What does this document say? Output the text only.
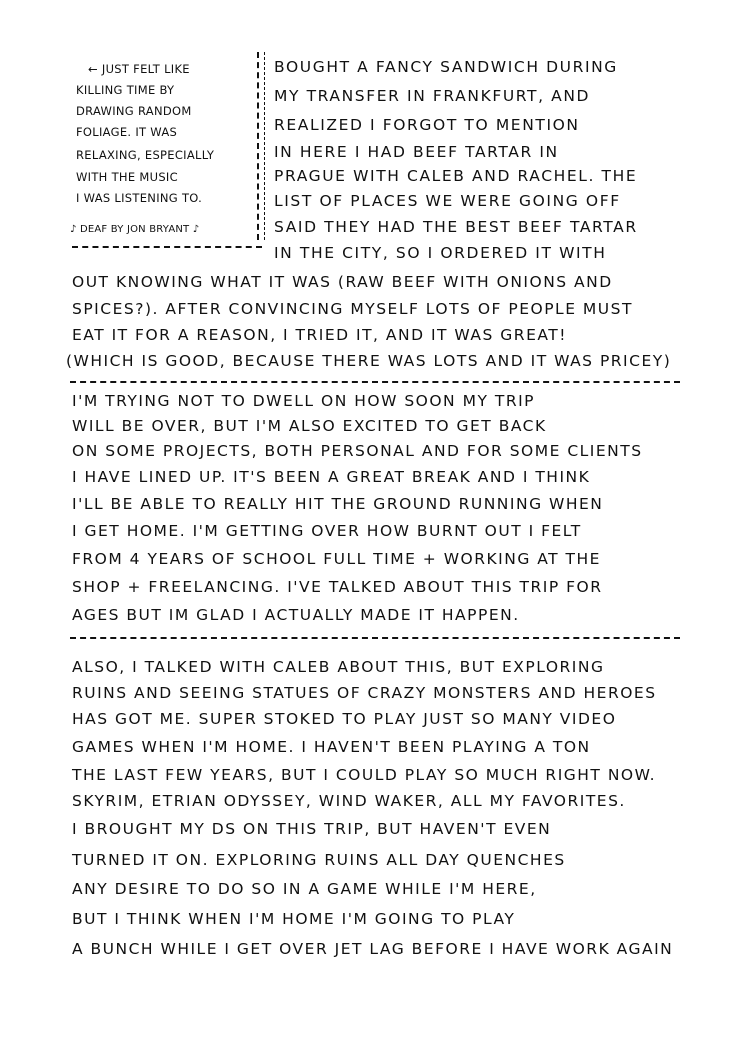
← JUST FELT LIKE
KILLING TIME BY
DRAWING RANDOM
FOLIAGE. IT WAS
RELAXING, ESPECIALLY
WITH THE MUSIC
I WAS LISTENING TO.
♪ DEAF BY JON BRYANT ♪
BOUGHT A FANCY SANDWICH DURING
MY TRANSFER IN FRANKFURT, AND
REALIZED I FORGOT TO MENTION
IN HERE I HAD BEEF TARTAR IN
PRAGUE WITH CALEB AND RACHEL. THE
LIST OF PLACES WE WERE GOING OFF
SAID THEY HAD THE BEST BEEF TARTAR
IN THE CITY, SO I ORDERED IT WITH
OUT KNOWING WHAT IT WAS (RAW BEEF WITH ONIONS AND
SPICES?). AFTER CONVINCING MYSELF LOTS OF PEOPLE MUST
EAT IT FOR A REASON, I TRIED IT, AND IT WAS GREAT!
(WHICH IS GOOD, BECAUSE THERE WAS LOTS AND IT WAS PRICEY)
I'M TRYING NOT TO DWELL ON HOW SOON MY TRIP
WILL BE OVER, BUT I'M ALSO EXCITED TO GET BACK
ON SOME PROJECTS, BOTH PERSONAL AND FOR SOME CLIENTS
I HAVE LINED UP. IT'S BEEN A GREAT BREAK AND I THINK
I'LL BE ABLE TO REALLY HIT THE GROUND RUNNING WHEN
I GET HOME. I'M GETTING OVER HOW BURNT OUT I FELT
FROM 4 YEARS OF SCHOOL FULL TIME + WORKING AT THE
SHOP + FREELANCING. I'VE TALKED ABOUT THIS TRIP FOR
AGES BUT IM GLAD I ACTUALLY MADE IT HAPPEN.
ALSO, I TALKED WITH CALEB ABOUT THIS, BUT EXPLORING
RUINS AND SEEING STATUES OF CRAZY MONSTERS AND HEROES
HAS GOT ME. SUPER STOKED TO PLAY JUST SO MANY VIDEO
GAMES WHEN I'M HOME. I HAVEN'T BEEN PLAYING A TON
THE LAST FEW YEARS, BUT I COULD PLAY SO MUCH RIGHT NOW.
SKYRIM, ETRIAN ODYSSEY, WIND WAKER, ALL MY FAVORITES.
I BROUGHT MY DS ON THIS TRIP, BUT HAVEN'T EVEN
TURNED IT ON. EXPLORING RUINS ALL DAY QUENCHES
ANY DESIRE TO DO SO IN A GAME WHILE I'M HERE,
BUT I THINK WHEN I'M HOME I'M GOING TO PLAY
A BUNCH WHILE I GET OVER JET LAG BEFORE I HAVE WORK AGAIN
